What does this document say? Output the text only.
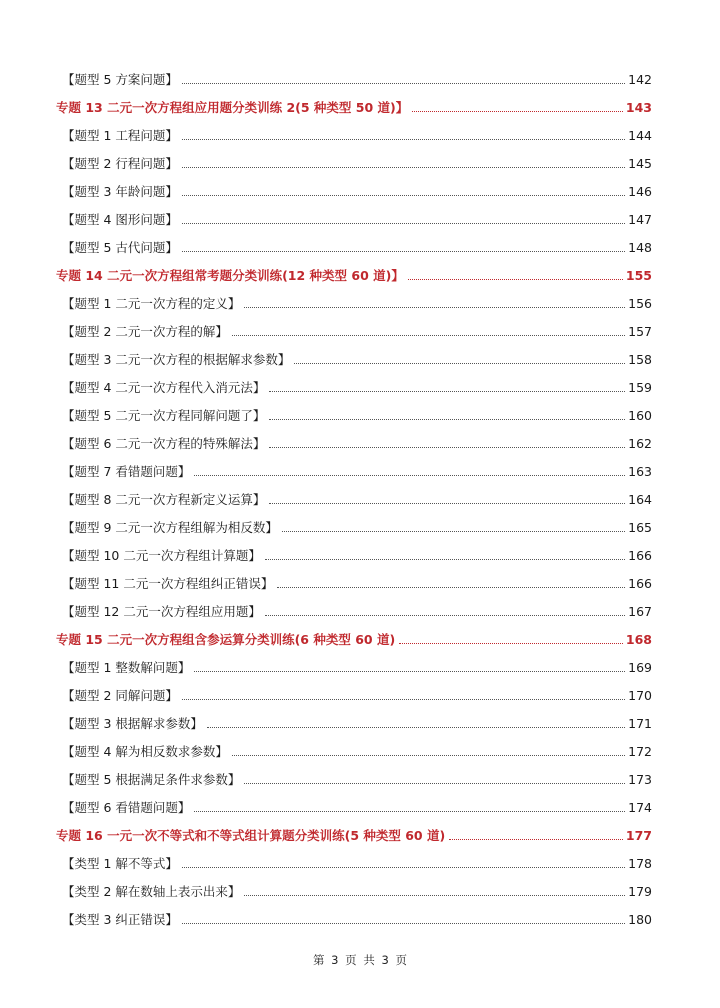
【题型 5 方案问题】	142
专题 13 二元一次方程组应用题分类训练 2(5 种类型 50 道)】	143
【题型 1 工程问题】	144
【题型 2 行程问题】	145
【题型 3 年龄问题】	146
【题型 4 图形问题】	147
【题型 5 古代问题】	148
专题 14 二元一次方程组常考题分类训练(12 种类型 60 道)】	155
【题型 1 二元一次方程的定义】	156
【题型 2 二元一次方程的解】	157
【题型 3 二元一次方程的根据解求参数】	158
【题型 4 二元一次方程代入消元法】	159
【题型 5 二元一次方程同解问题了】	160
【题型 6 二元一次方程的特殊解法】	162
【题型 7 看错题问题】	163
【题型 8 二元一次方程新定义运算】	164
【题型 9 二元一次方程组解为相反数】	165
【题型 10 二元一次方程组计算题】	166
【题型 11 二元一次方程组纠正错误】	166
【题型 12 二元一次方程组应用题】	167
专题 15 二元一次方程组含参运算分类训练(6 种类型 60 道)	168
【题型 1 整数解问题】	169
【题型 2 同解问题】	170
【题型 3 根据解求参数】	171
【题型 4 解为相反数求参数】	172
【题型 5 根据满足条件求参数】	173
【题型 6 看错题问题】	174
专题 16 一元一次不等式和不等式组计算题分类训练(5 种类型 60 道)	177
【类型 1 解不等式】	178
【类型 2 解在数轴上表示出来】	179
【类型 3 纠正错误】	180
第 3 页 共 3 页
